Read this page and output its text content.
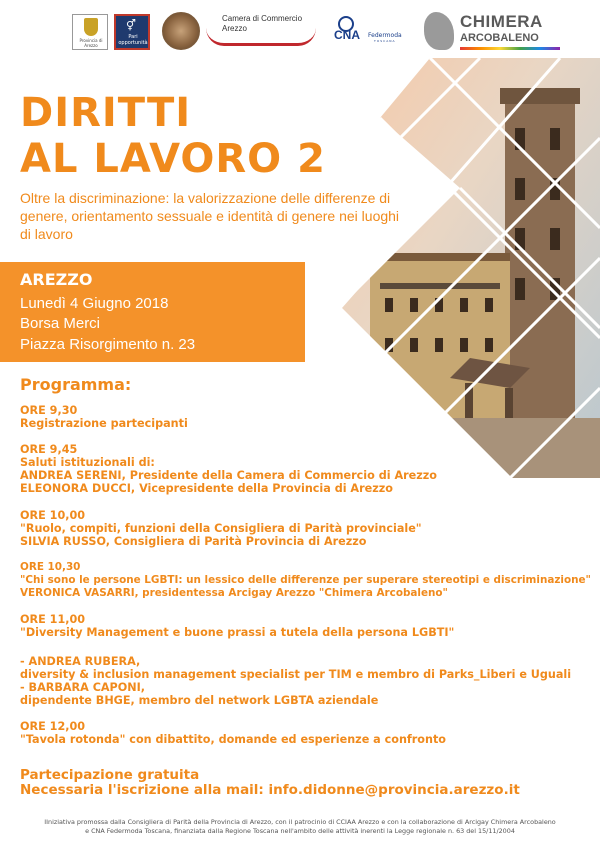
Provincia di Arezzo
⚥
Pari opportunità
Camera di Commercio
Arezzo	CNA Federmoda
TOSCANA
CHIMERA
ARCOBALENO
DIRITTI
AL LAVORO 2
Oltre la discriminazione: la valorizzazione delle differenze di genere, orientamento sessuale e identità di genere nei luoghi di lavoro
AREZZO
Lunedì 4 Giugno 2018
Borsa Merci
Piazza Risorgimento n. 23
Programma:
ORE 9,30
Registrazione partecipanti
ORE 9,45
Saluti istituzionali di:
ANDREA SERENI, Presidente della Camera di Commercio di Arezzo
ELEONORA DUCCI, Vicepresidente della Provincia di Arezzo
ORE 10,00
"Ruolo, compiti, funzioni della Consigliera di Parità provinciale"
SILVIA RUSSO, Consigliera di Parità Provincia di Arezzo
ORE 10,30
"Chi sono le persone LGBTI: un lessico delle differenze per superare stereotipi e discriminazione"
VERONICA VASARRI, presidentessa Arcigay Arezzo "Chimera Arcobaleno"
ORE 11,00
"Diversity Management e buone prassi a tutela della persona LGBTI"
- ANDREA RUBERA,
diversity & inclusion management specialist per TIM e membro di Parks_Liberi e Uguali
- BARBARA CAPONI,
dipendente BHGE, membro del network LGBTA aziendale
ORE 12,00
"Tavola rotonda" con dibattito, domande ed esperienze a confronto
Partecipazione gratuita
Necessaria l'iscrizione alla mail: info.didonne@provincia.arezzo.it
IIniziativa promossa dalla Consigliera di Parità della Provincia di Arezzo, con il patrocinio di CCIAA Arezzo e con la collaborazione di Arcigay Chimera Arcobaleno
e CNA Federmoda Toscana, finanziata dalla Regione Toscana nell'ambito delle attività inerenti la Legge regionale n. 63 del 15/11/2004
